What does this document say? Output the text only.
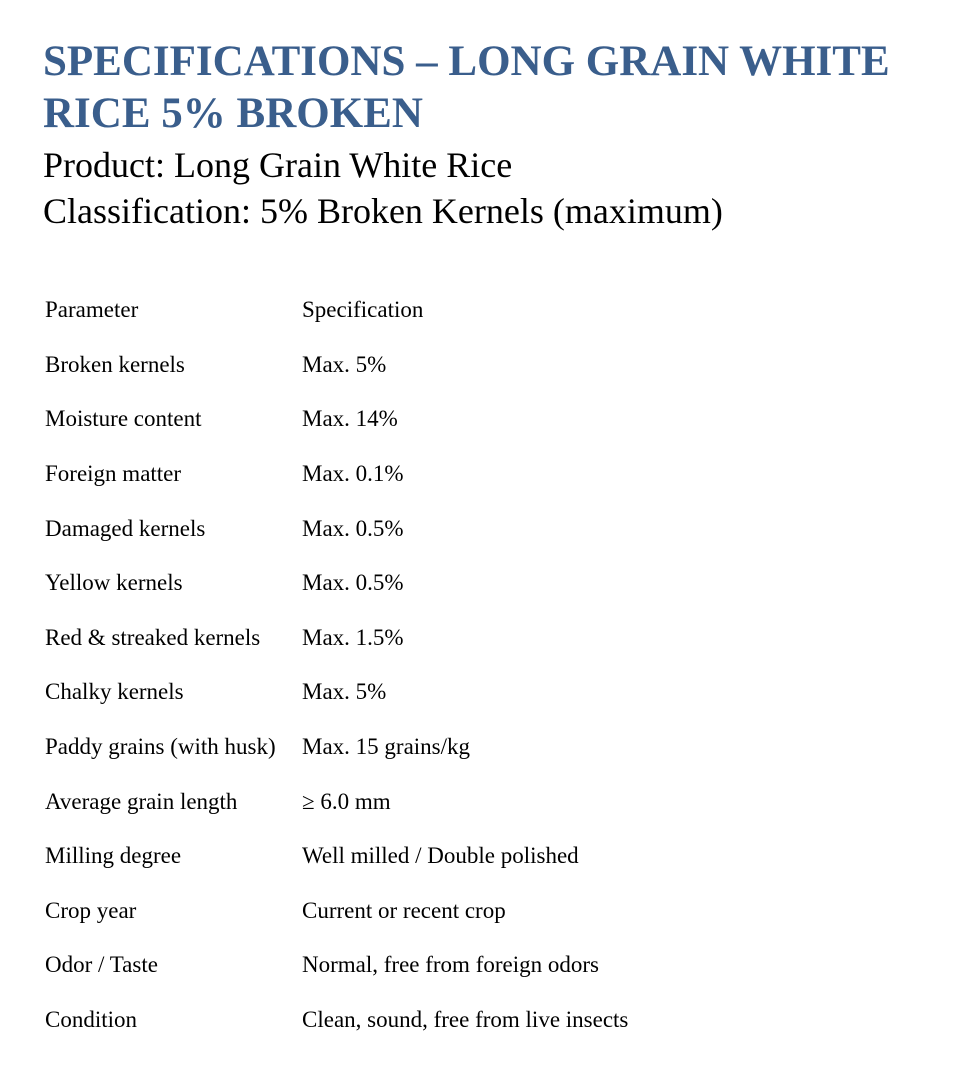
SPECIFICATIONS – LONG GRAIN WHITE
RICE 5% BROKEN

Product: Long Grain White Rice

Classification: 5% Broken Kernels (maximum)

Parameter	Specification
Broken kernels	Max. 5%
Moisture content	Max. 14%
Foreign matter	Max. 0.1%
Damaged kernels	Max. 0.5%
Yellow kernels	Max. 0.5%
Red & streaked kernels	Max. 1.5%
Chalky kernels	Max. 5%
Paddy grains (with husk)	Max. 15 grains/kg
Average grain length	≥ 6.0 mm
Milling degree	Well milled / Double polished
Crop year	Current or recent crop
Odor / Taste	Normal, free from foreign odors
Condition	Clean, sound, free from live insects
